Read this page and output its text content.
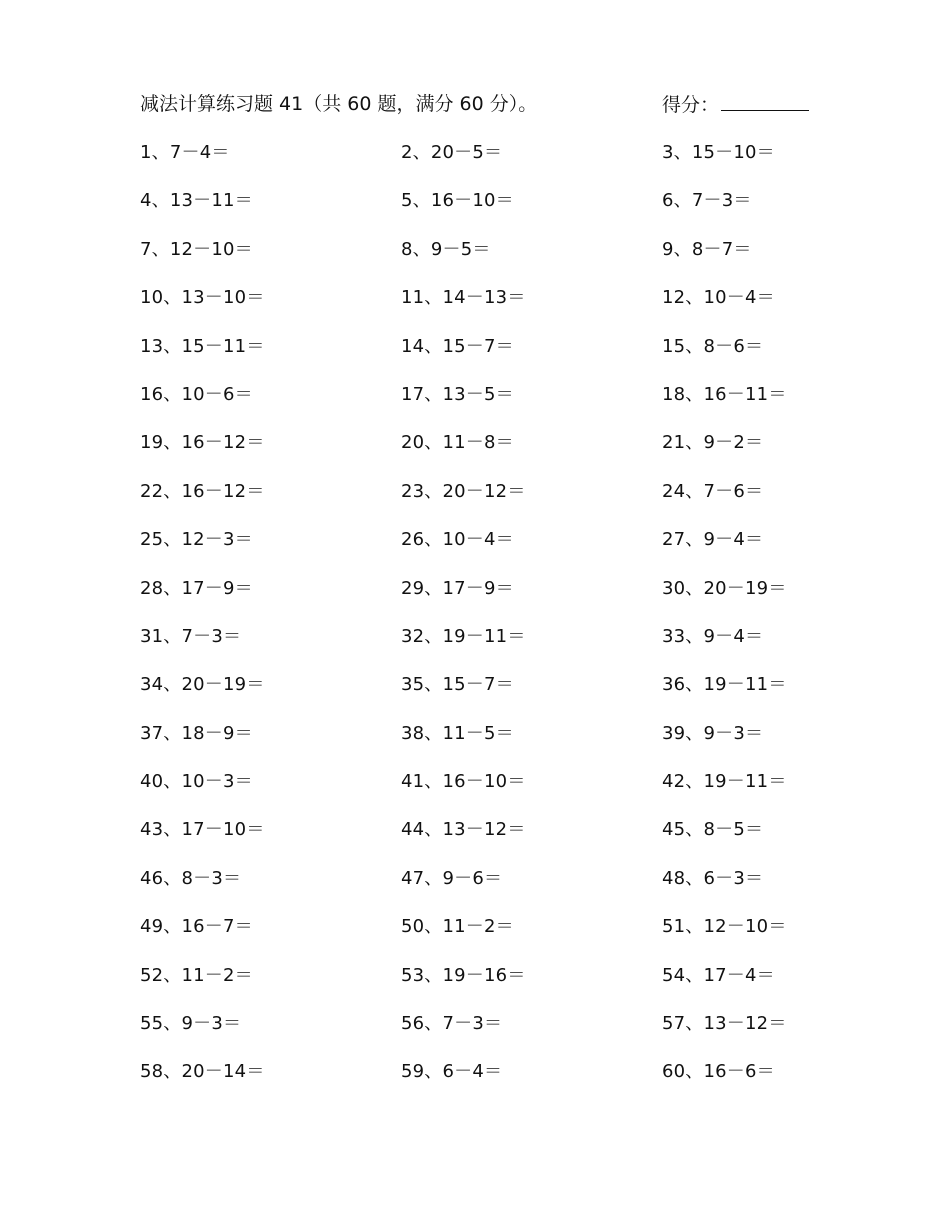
减法计算练习题 41（共 60 题，满分 60 分）。	得分：
1、7－4＝	2、20－5＝	3、15－10＝
4、13－11＝	5、16－10＝	6、7－3＝
7、12－10＝	8、9－5＝	9、8－7＝
10、13－10＝	11、14－13＝	12、10－4＝
13、15－11＝	14、15－7＝	15、8－6＝
16、10－6＝	17、13－5＝	18、16－11＝
19、16－12＝	20、11－8＝	21、9－2＝
22、16－12＝	23、20－12＝	24、7－6＝
25、12－3＝	26、10－4＝	27、9－4＝
28、17－9＝	29、17－9＝	30、20－19＝
31、7－3＝	32、19－11＝	33、9－4＝
34、20－19＝	35、15－7＝	36、19－11＝
37、18－9＝	38、11－5＝	39、9－3＝
40、10－3＝	41、16－10＝	42、19－11＝
43、17－10＝	44、13－12＝	45、8－5＝
46、8－3＝	47、9－6＝	48、6－3＝
49、16－7＝	50、11－2＝	51、12－10＝
52、11－2＝	53、19－16＝	54、17－4＝
55、9－3＝	56、7－3＝	57、13－12＝
58、20－14＝	59、6－4＝	60、16－6＝
